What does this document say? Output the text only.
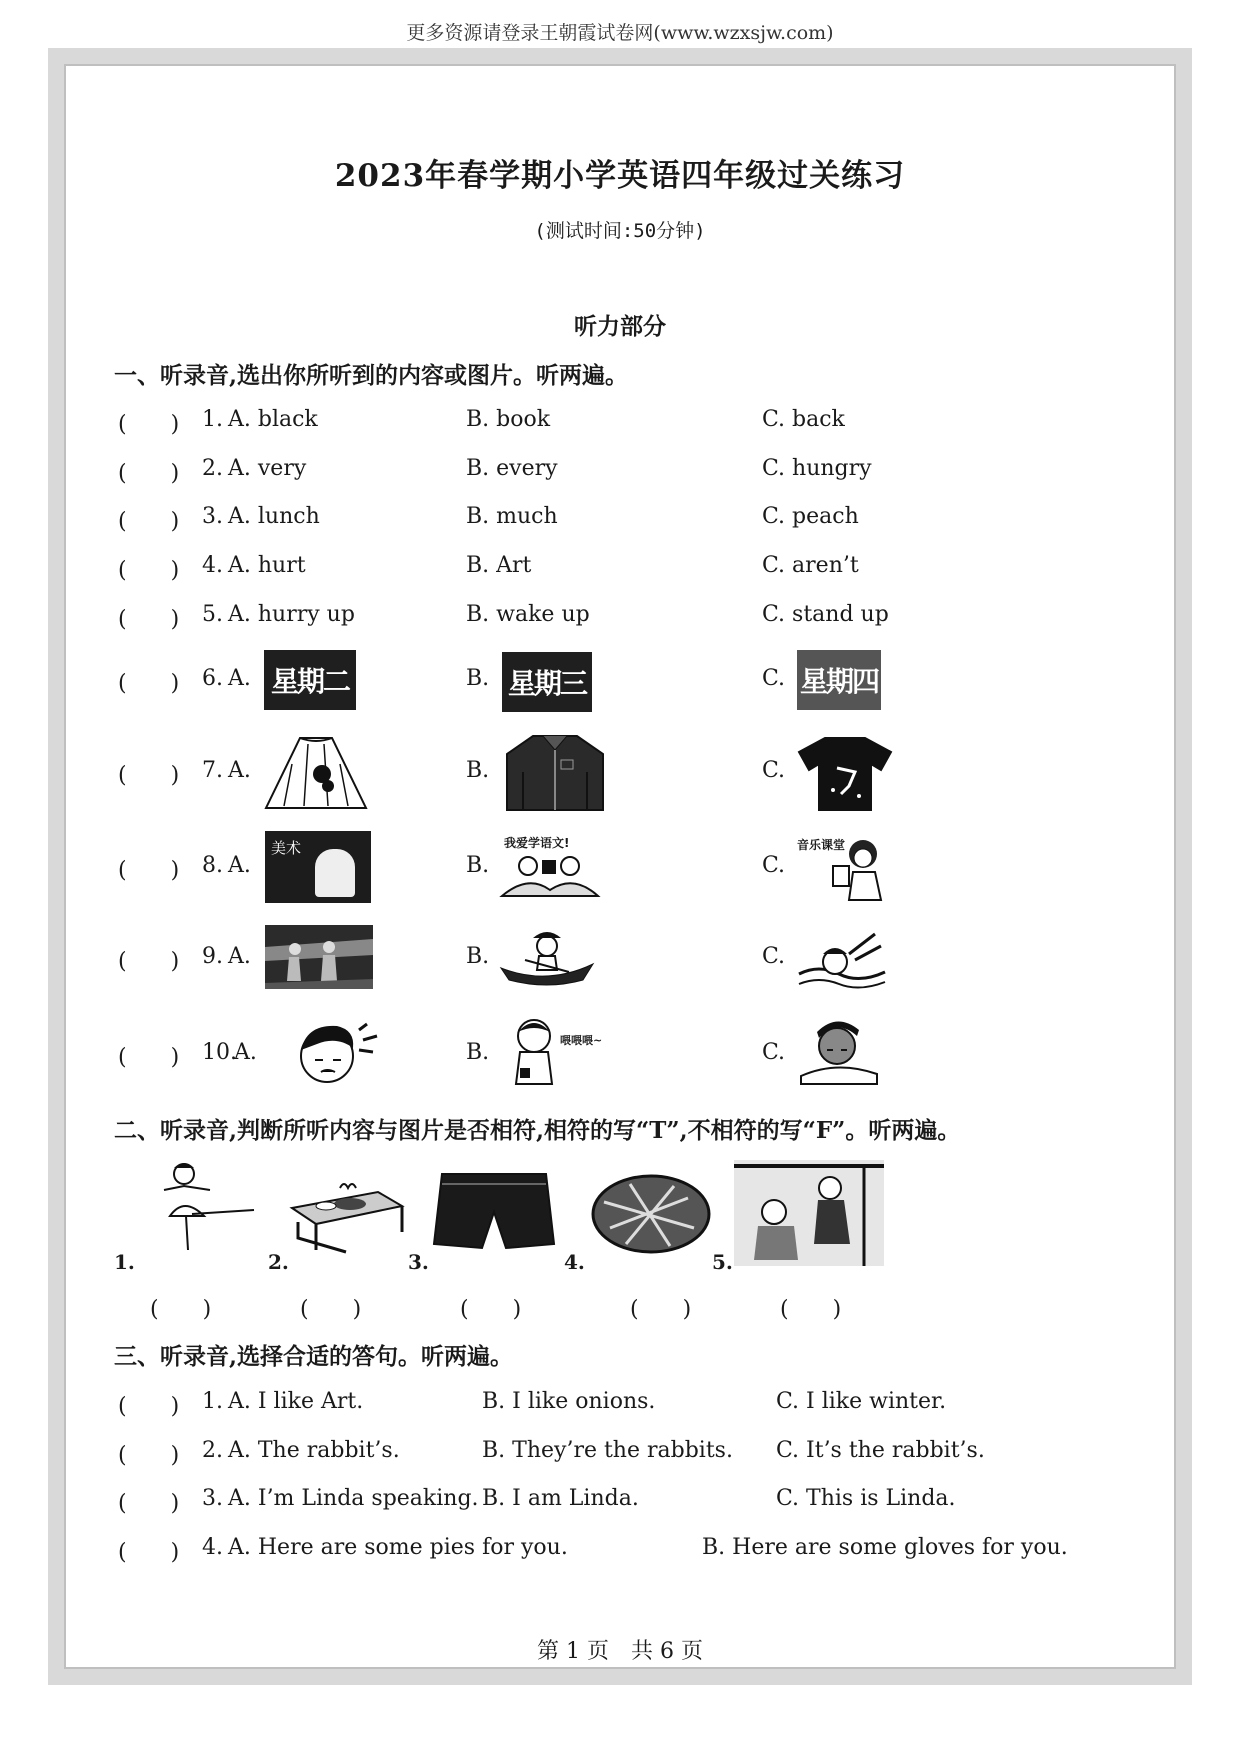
更多资源请登录王朝霞试卷网(www.wzxsjw.com)
2023年春学期小学英语四年级过关练习
(测试时间:50分钟)
听力部分
一、听录音,选出你所听到的内容或图片。听两遍。
(　　) 1. A. black	B. book	C. back
(　　) 2. A. very	B. every	C. hungry
(　　) 3. A. lunch	B. much	C. peach
(　　) 4. A. hurt	B. Art	C. aren’t
(　　) 5. A. hurry up	B. wake up	C. stand up
(　　) 6. A.	B.	C.
星期二	星期三	星期四
(　　) 7. A.	B.	C.
(　　) 8. A.	B.	C.
美术	我爱学语文!	音乐课堂
(　　) 9. A.	B.	C.
(　　) 10.
A.	B.	C.
喂喂喂~
二、听录音,判断所听内容与图片是否相符,相符的写“T”,不相符的写“F”。听两遍。
1.	2.	3.	4.	5.
(　　)	(　　)	(　　)	(　　)	(　　)
三、听录音,选择合适的答句。听两遍。
(　　) 1. A. I like Art.	B. I like onions.	C. I like winter.
(　　) 2. A. The rabbit’s.	B. They’re the rabbits. C. It’s the rabbit’s.
(　　) 3. A. I’m Linda speaking. B. I am Linda.	C. This is Linda.
(　　) 4. A. Here are some pies for you.	B. Here are some gloves for you.
第 1 页　共 6 页
